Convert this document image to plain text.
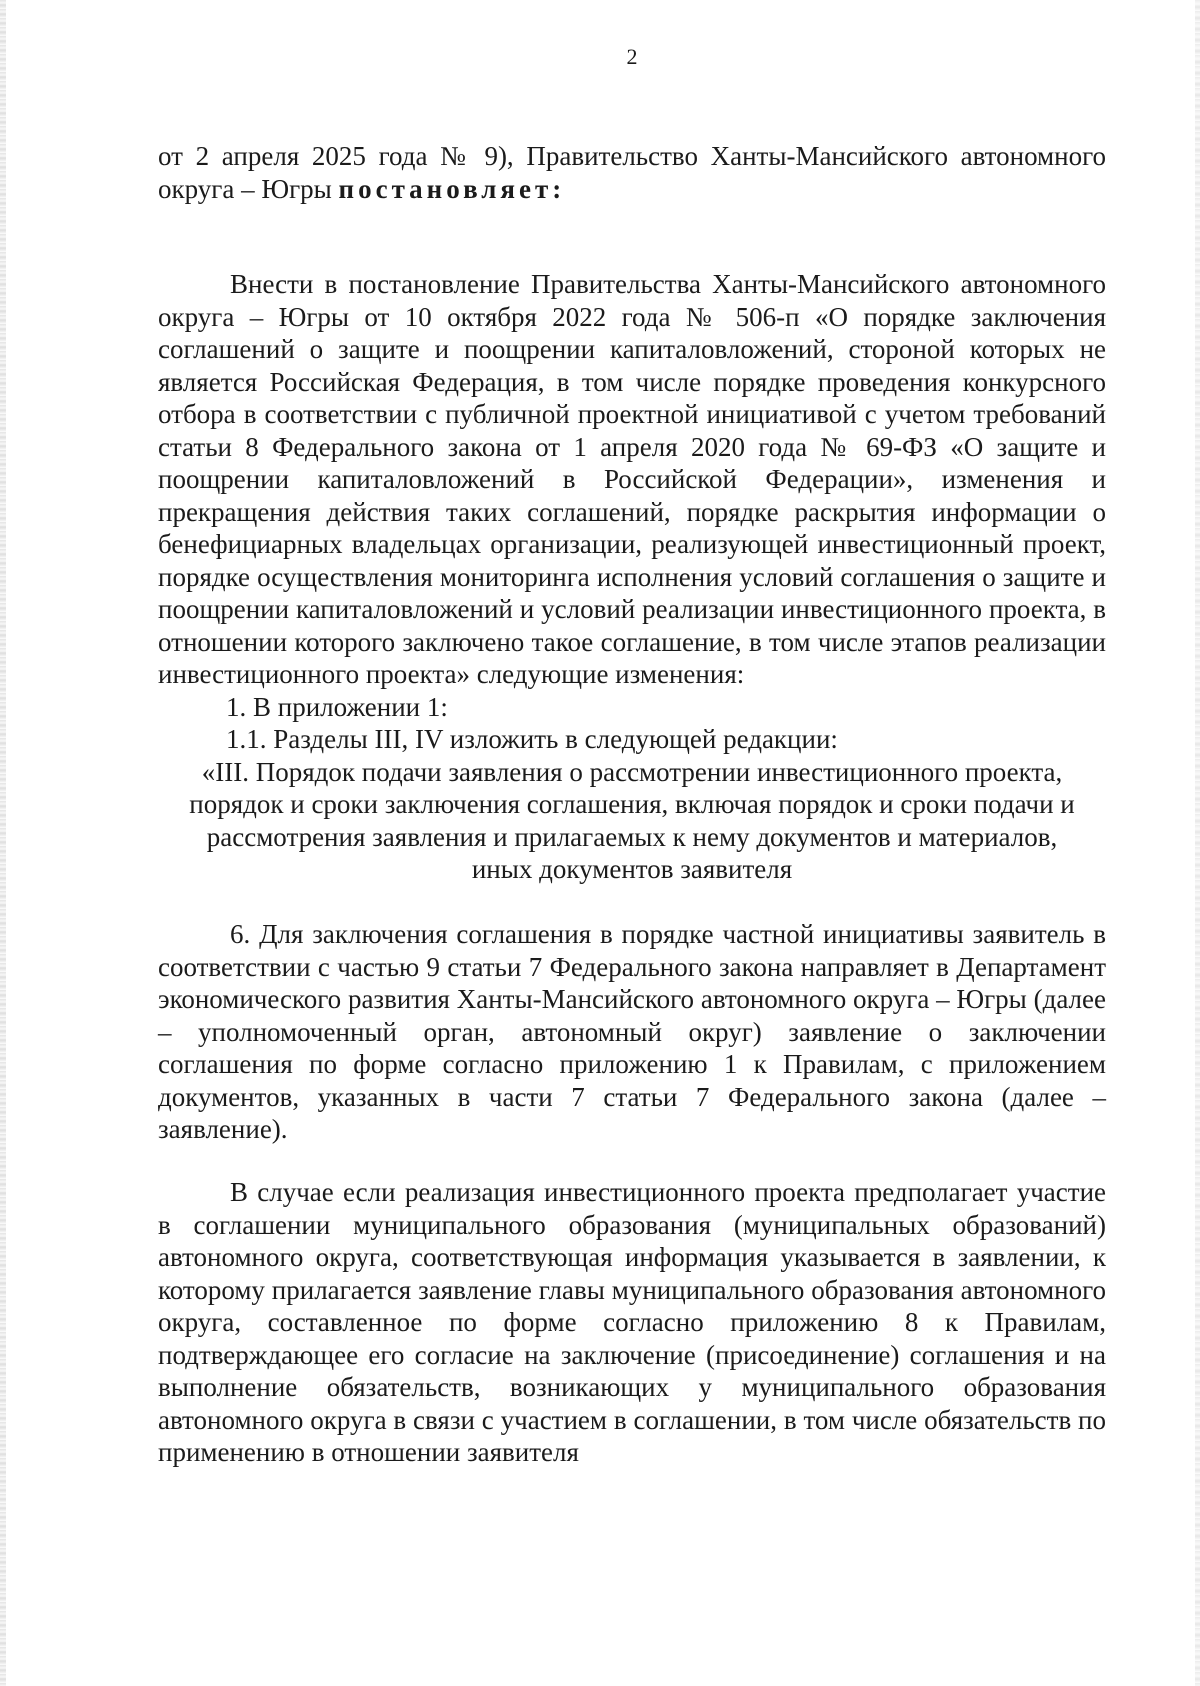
2
от 2 апреля 2025 года № 9), Правительство Ханты-Мансийского автономного округа – Югры постановляет:
Внести в постановление Правительства Ханты-Мансийского автономного округа – Югры от 10 октября 2022 года № 506-п «О порядке заключения соглашений о защите и поощрении капиталовложений, стороной которых не является Российская Федерация, в том числе порядке проведения конкурсного отбора в соответствии с публичной проектной инициативой с учетом требований статьи 8 Федерального закона от 1 апреля 2020 года № 69-ФЗ «О защите и поощрении капиталовложений в Российской Федерации», изменения и прекращения действия таких соглашений, порядке раскрытия информации о бенефициарных владельцах организации, реализующей инвестиционный проект, порядке осуществления мониторинга исполнения условий соглашения о защите и поощрении капиталовложений и условий реализации инвестиционного проекта, в отношении которого заключено такое соглашение, в том числе этапов реализации инвестиционного проекта» следующие изменения:
1. В приложении 1:
1.1. Разделы III, IV изложить в следующей редакции:
«III. Порядок подачи заявления о рассмотрении инвестиционного проекта,
порядок и сроки заключения соглашения, включая порядок и сроки подачи и
рассмотрения заявления и прилагаемых к нему документов и материалов,
иных документов заявителя
6. Для заключения соглашения в порядке частной инициативы заявитель в соответствии с частью 9 статьи 7 Федерального закона направляет в Департамент экономического развития Ханты-Мансийского автономного округа – Югры (далее – уполномоченный орган, автономный округ) заявление о заключении соглашения по форме согласно приложению 1 к Правилам, с приложением документов, указанных в части 7 статьи 7 Федерального закона (далее – заявление).
В случае если реализация инвестиционного проекта предполагает участие в соглашении муниципального образования (муниципальных образований) автономного округа, соответствующая информация указывается в заявлении, к которому прилагается заявление главы муниципального образования автономного округа, составленное по форме согласно приложению 8 к Правилам, подтверждающее его согласие на заключение (присоединение) соглашения и на выполнение обязательств, возникающих у муниципального образования автономного округа в связи с участием в соглашении, в том числе обязательств по применению в отношении заявителя
